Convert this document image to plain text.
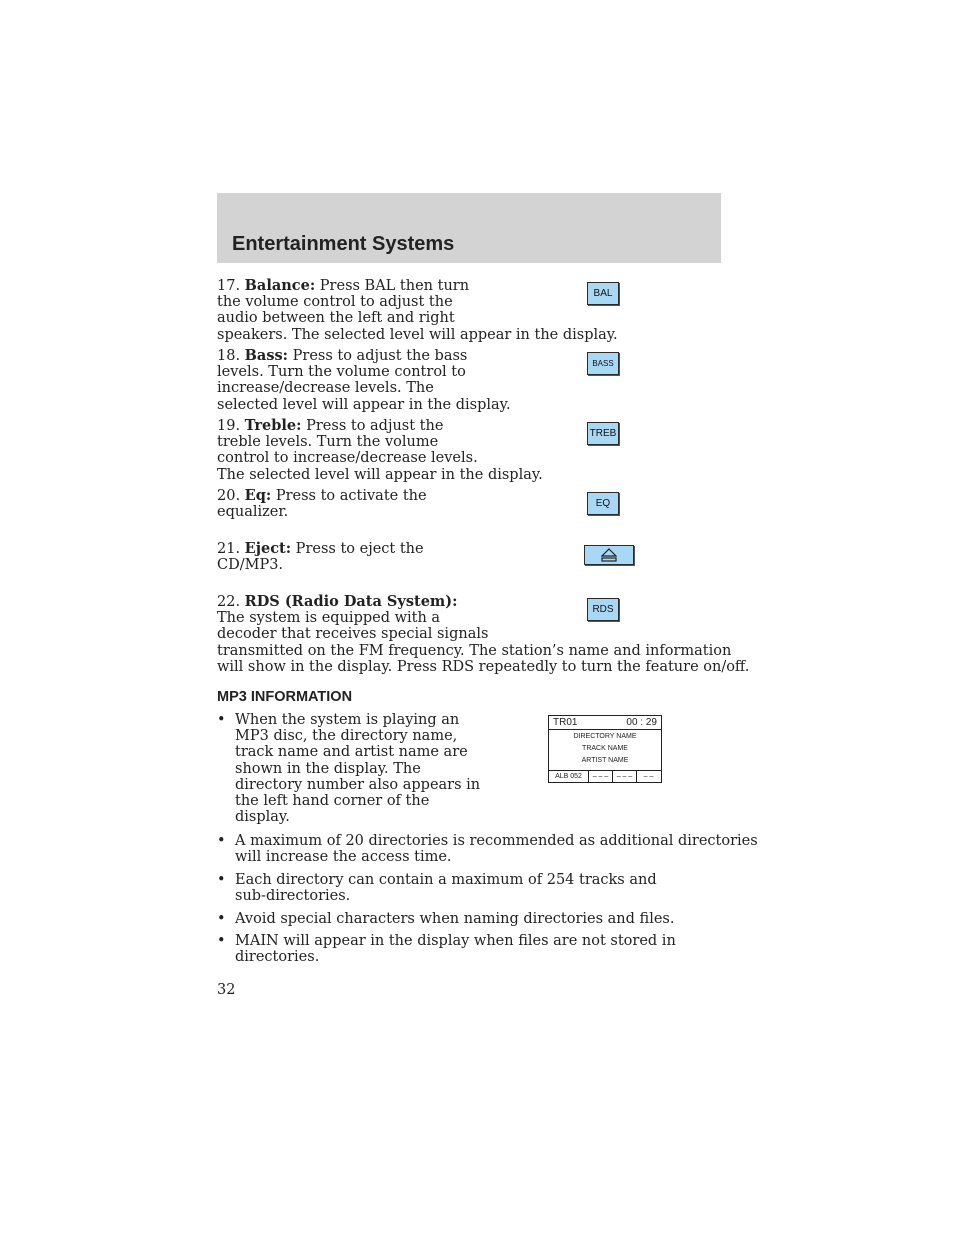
Entertainment Systems

17. Balance: Press BAL then turn
the volume control to adjust the
audio between the left and right
speakers. The selected level will appear in the display.

BAL

18. Bass: Press to adjust the bass
levels. Turn the volume control to
increase/decrease levels. The
selected level will appear in the display.

BASS

19. Treble: Press to adjust the
treble levels. Turn the volume
control to increase/decrease levels.
The selected level will appear in the display.

TREB

20. Eq: Press to activate the
equalizer.

EQ

21. Eject: Press to eject the
CD/MP3.

22. RDS (Radio Data System):
The system is equipped with a
decoder that receives special signals
transmitted on the FM frequency. The station’s name and information
will show in the display. Press RDS repeatedly to turn the feature on/off.

RDS
MP3 INFORMATION
• When the system is playing an
MP3 disc, the directory name,
track name and artist name are
shown in the display. The
directory number also appears in
the left hand corner of the
display.
TR01	00 : 29
DIRECTORY NAME
TRACK NAME
ARTIST NAME
ALB 052	– – –	– – –	– –
• A maximum of 20 directories is recommended as additional directories
will increase the access time.
• Each directory can contain a maximum of 254 tracks and
sub-directories.
• Avoid special characters when naming directories and files.
• MAIN will appear in the display when files are not stored in
directories.

32
